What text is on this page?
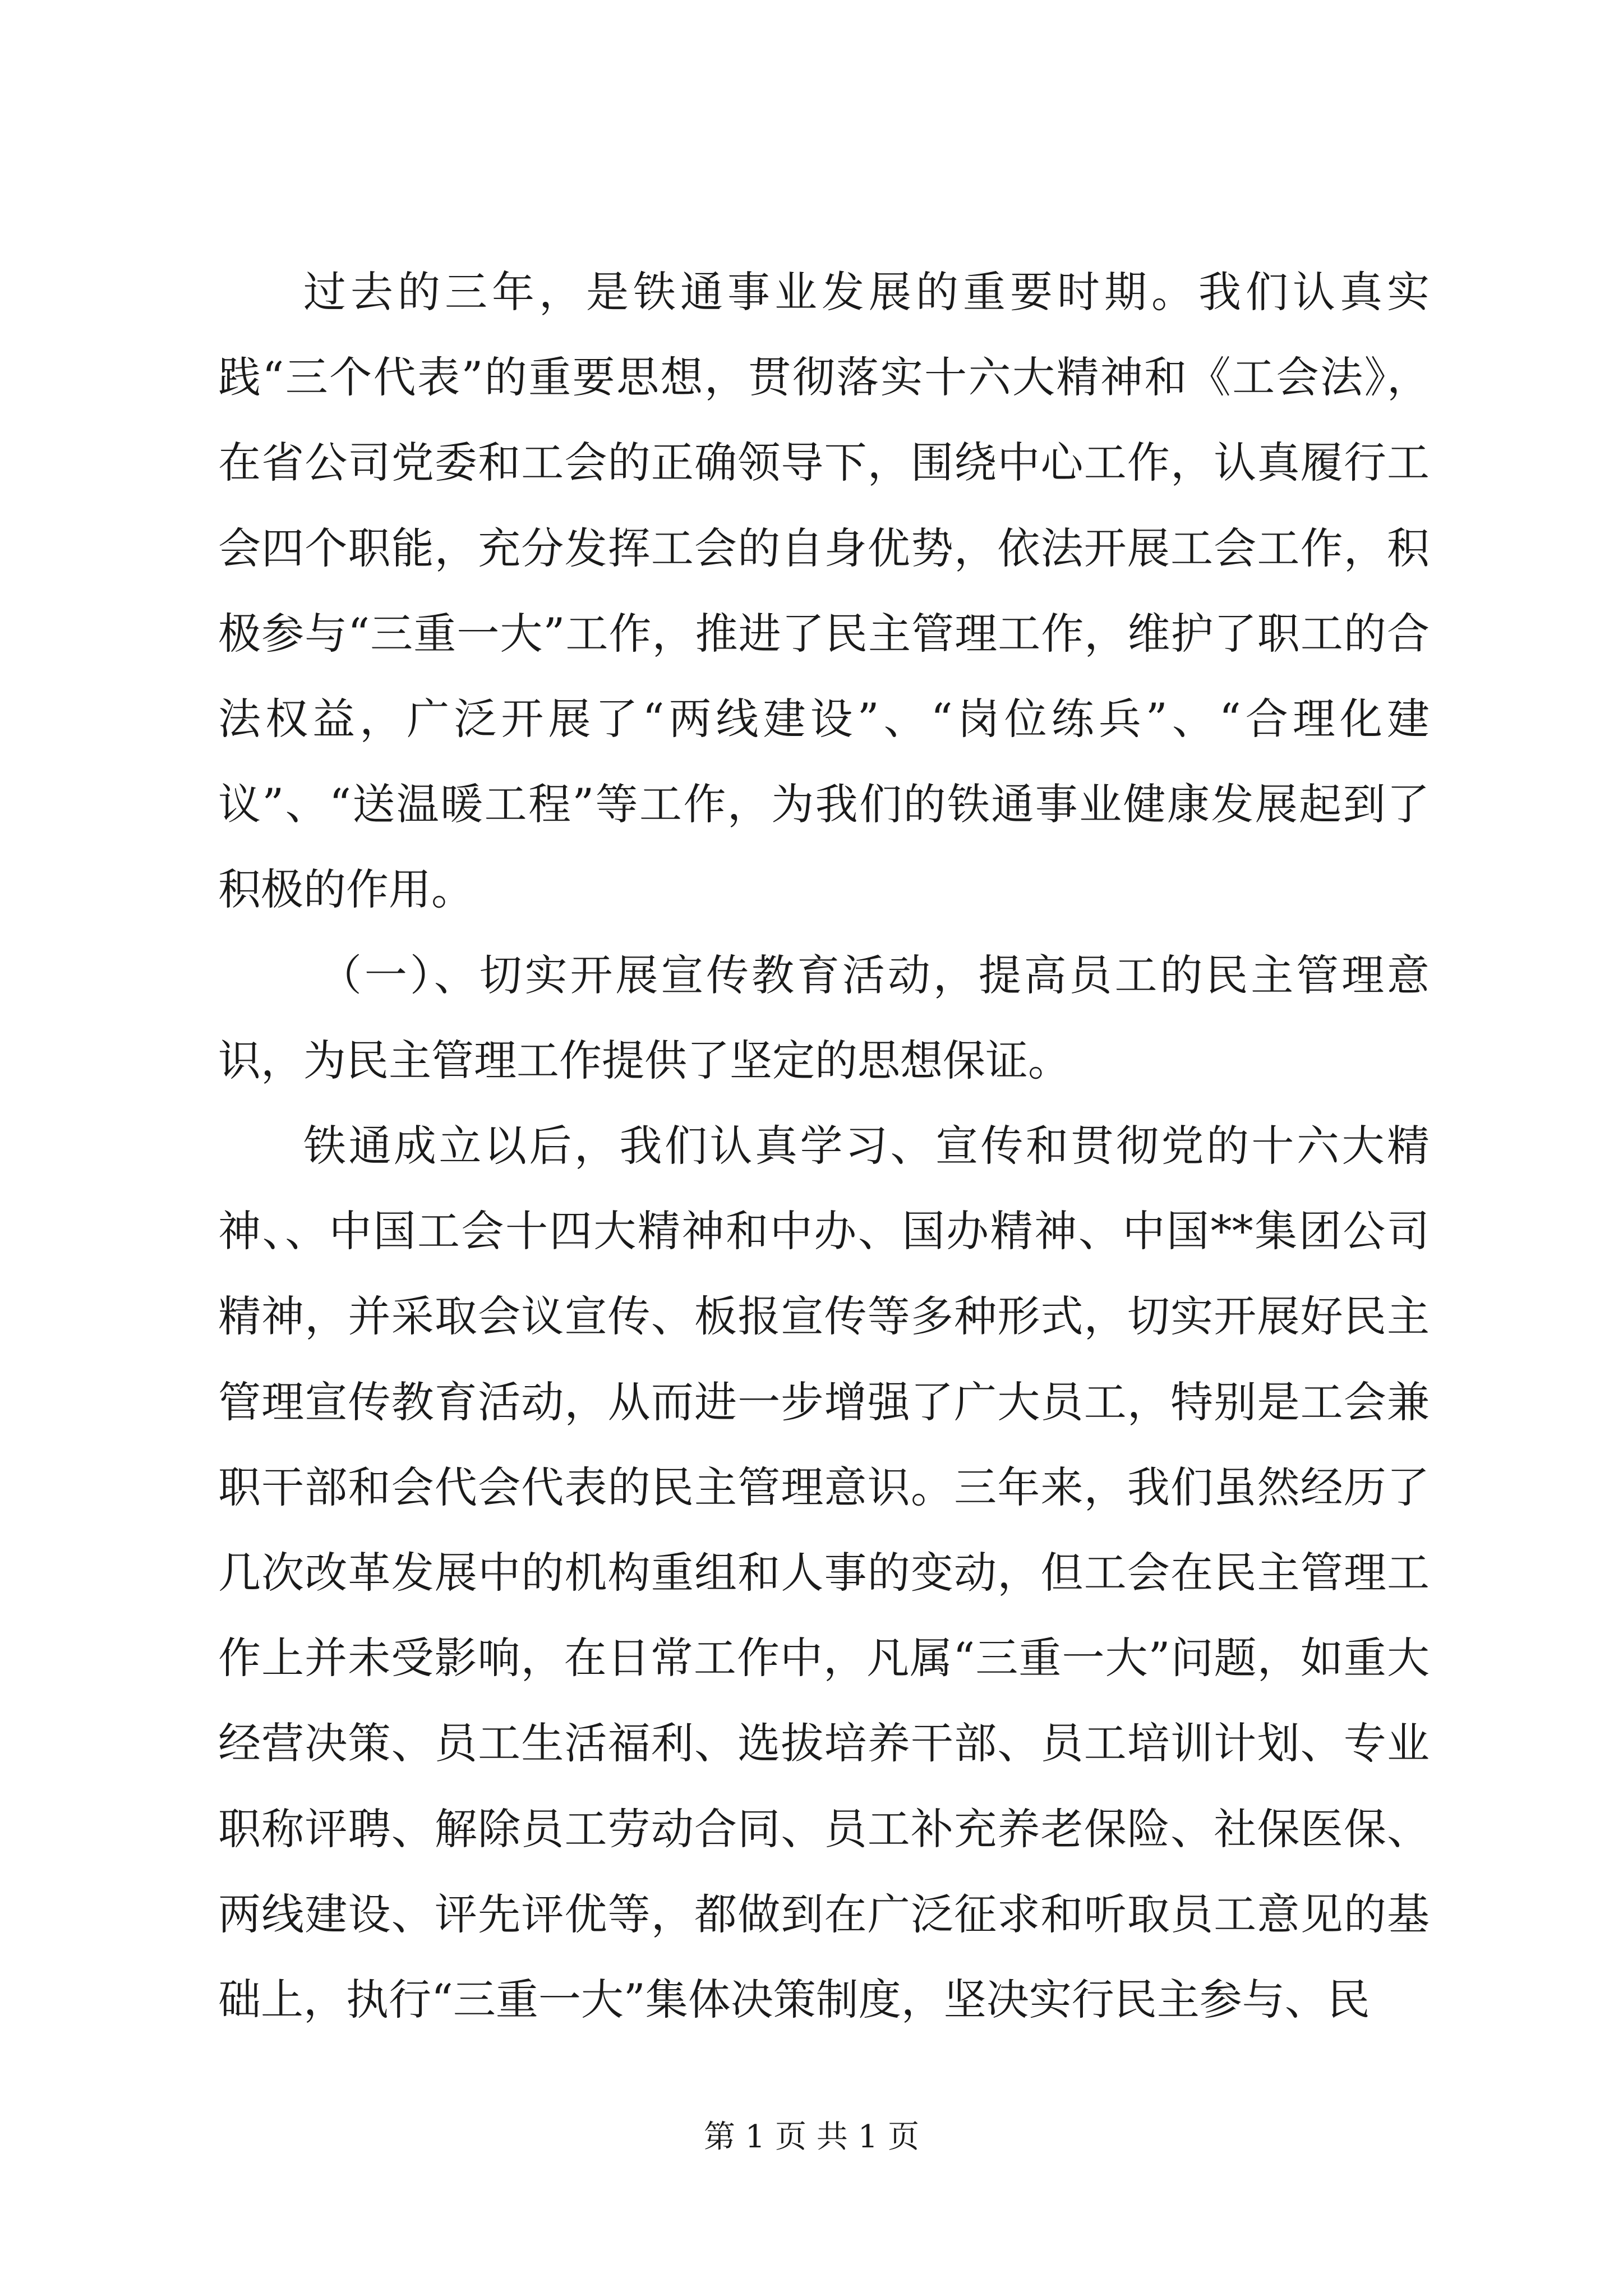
过去的三年，是铁通事业发展的重要时期。我们认真实践“三个代表”的重要思想，贯彻落实十六大精神和《工会法》，在省公司党委和工会的正确领导下，围绕中心工作，认真履行工会四个职能，充分发挥工会的自身优势，依法开展工会工作，积极参与“三重一大”工作，推进了民主管理工作，维护了职工的合法权益，广泛开展了“两线建设”、“岗位练兵”、“合理化建议”、“送温暖工程”等工作，为我们的铁通事业健康发展起到了积极的作用。

（一）、切实开展宣传教育活动，提高员工的民主管理意识，为民主管理工作提供了坚定的思想保证。

铁通成立以后，我们认真学习、宣传和贯彻党的十六大精神、、中国工会十四大精神和中办、国办精神、中国**集团公司精神，并采取会议宣传、板报宣传等多种形式，切实开展好民主管理宣传教育活动，从而进一步增强了广大员工，特别是工会兼职干部和会代会代表的民主管理意识。三年来，我们虽然经历了几次改革发展中的机构重组和人事的变动，但工会在民主管理工作上并未受影响，在日常工作中，凡属“三重一大”问题，如重大经营决策、员工生活福利、选拔培养干部、员工培训计划、专业职称评聘、解除员工劳动合同、员工补充养老保险、社保医保、两线建设、评先评优等，都做到在广泛征求和听取员工意见的基础上，执行“三重一大”集体决策制度，坚决实行民主参与、民

第 1 页 共 1 页
